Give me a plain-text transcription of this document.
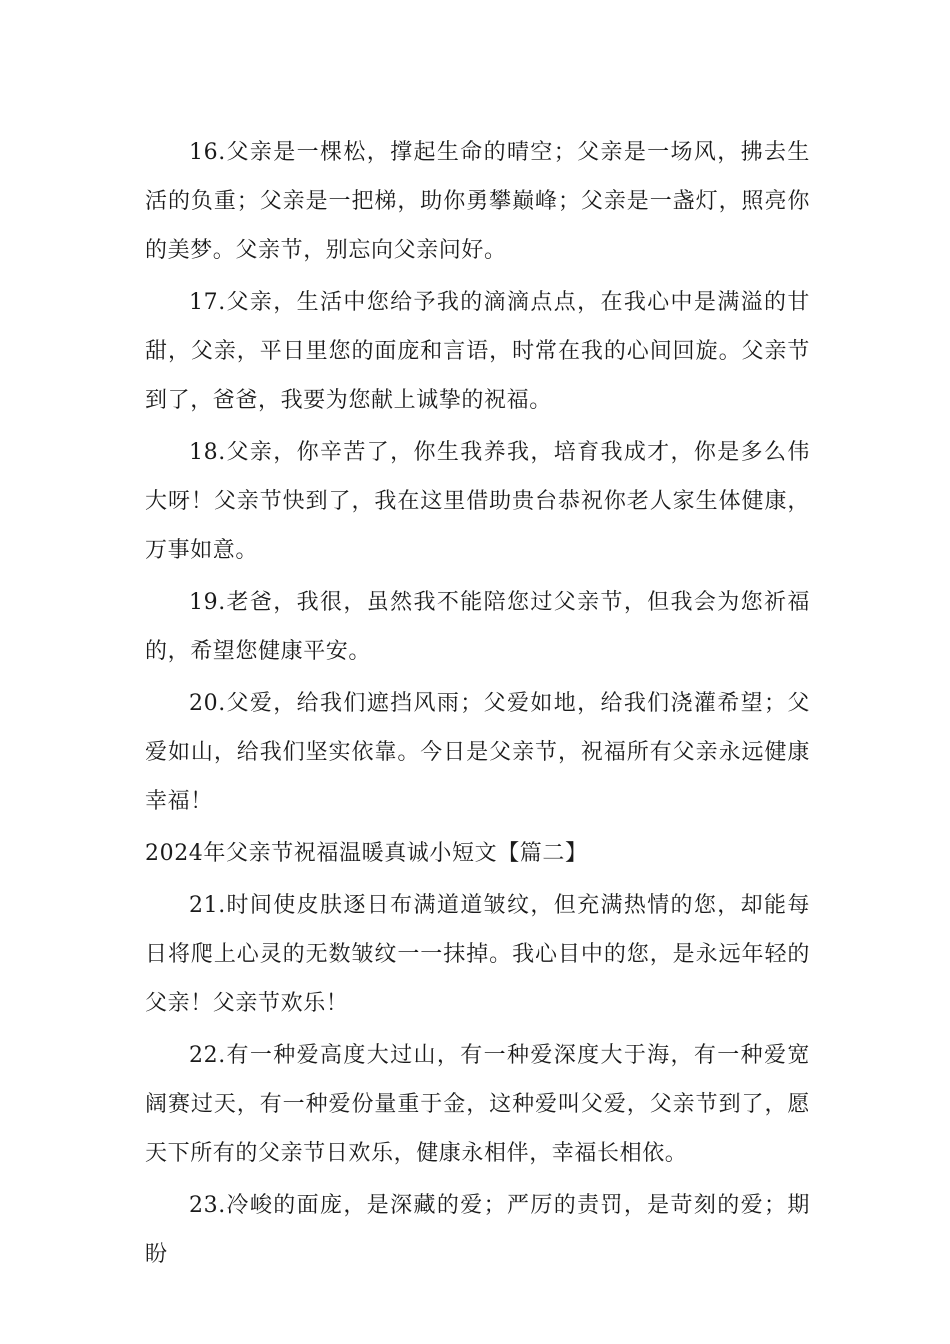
16.父亲是一棵松，撑起生命的晴空；父亲是一场风，拂去生活的负重；父亲是一把梯，助你勇攀巅峰；父亲是一盏灯，照亮你的美梦。父亲节，别忘向父亲问好。

17.父亲，生活中您给予我的滴滴点点，在我心中是满溢的甘甜，父亲，平日里您的面庞和言语，时常在我的心间回旋。父亲节到了，爸爸，我要为您献上诚挚的祝福。

18.父亲，你辛苦了，你生我养我，培育我成才，你是多么伟大呀！父亲节快到了，我在这里借助贵台恭祝你老人家生体健康，万事如意。

19.老爸，我很，虽然我不能陪您过父亲节，但我会为您祈福的，希望您健康平安。

20.父爱，给我们遮挡风雨；父爱如地，给我们浇灌希望；父爱如山，给我们坚实依靠。今日是父亲节，祝福所有父亲永远健康幸福！

2024年父亲节祝福温暖真诚小短文【篇二】

21.时间使皮肤逐日布满道道皱纹，但充满热情的您，却能每日将爬上心灵的无数皱纹一一抹掉。我心目中的您，是永远年轻的父亲！父亲节欢乐！

22.有一种爱高度大过山，有一种爱深度大于海，有一种爱宽阔赛过天，有一种爱份量重于金，这种爱叫父爱，父亲节到了，愿天下所有的父亲节日欢乐，健康永相伴，幸福长相依。

23.冷峻的面庞，是深藏的爱；严厉的责罚，是苛刻的爱；期盼
